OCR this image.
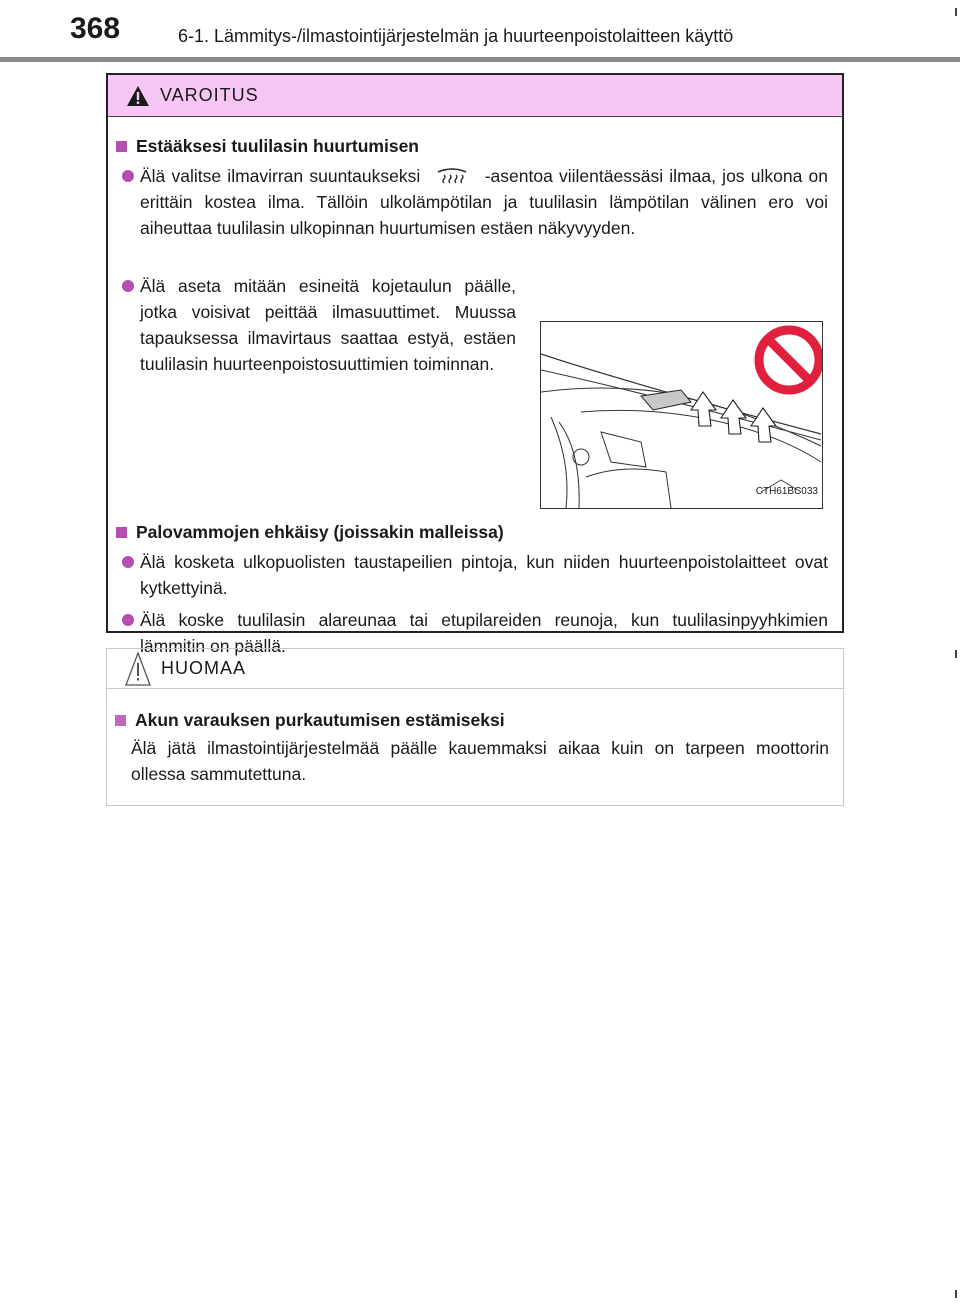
368	6-1. Lämmitys-/ilmastointijärjestelmän ja huurteenpoistolaitteen käyttö
VAROITUS
Estääksesi tuulilasin huurtumisen
Älä valitse ilmavirran suuntaukseksi	-asentoa viilentäessäsi ilmaa, jos ulkona on erittäin kostea ilma. Tällöin ulkolämpötilan ja tuulilasin lämpötilan välinen ero voi aiheuttaa tuulilasin ulkopinnan huurtumisen estäen näkyvyyden.
Älä aseta mitään esineitä kojetaulun päälle, jotka voisivat peittää ilmasuuttimet. Muussa tapauksessa ilmavirtaus saattaa estyä, estäen tuulilasin huurteenpoistosuuttimien toiminnan.
CTH61BC033
Palovammojen ehkäisy (joissakin malleissa)
Älä kosketa ulkopuolisten taustapeilien pintoja, kun niiden huurteenpoistolaitteet ovat kytkettyinä.
Älä koske tuulilasin alareunaa tai etupilareiden reunoja, kun tuulilasinpyyhkimien lämmitin on päällä.
HUOMAA
Akun varauksen purkautumisen estämiseksi
Älä jätä ilmastointijärjestelmää päälle kauemmaksi aikaa kuin on tarpeen moottorin ollessa sammutettuna.
